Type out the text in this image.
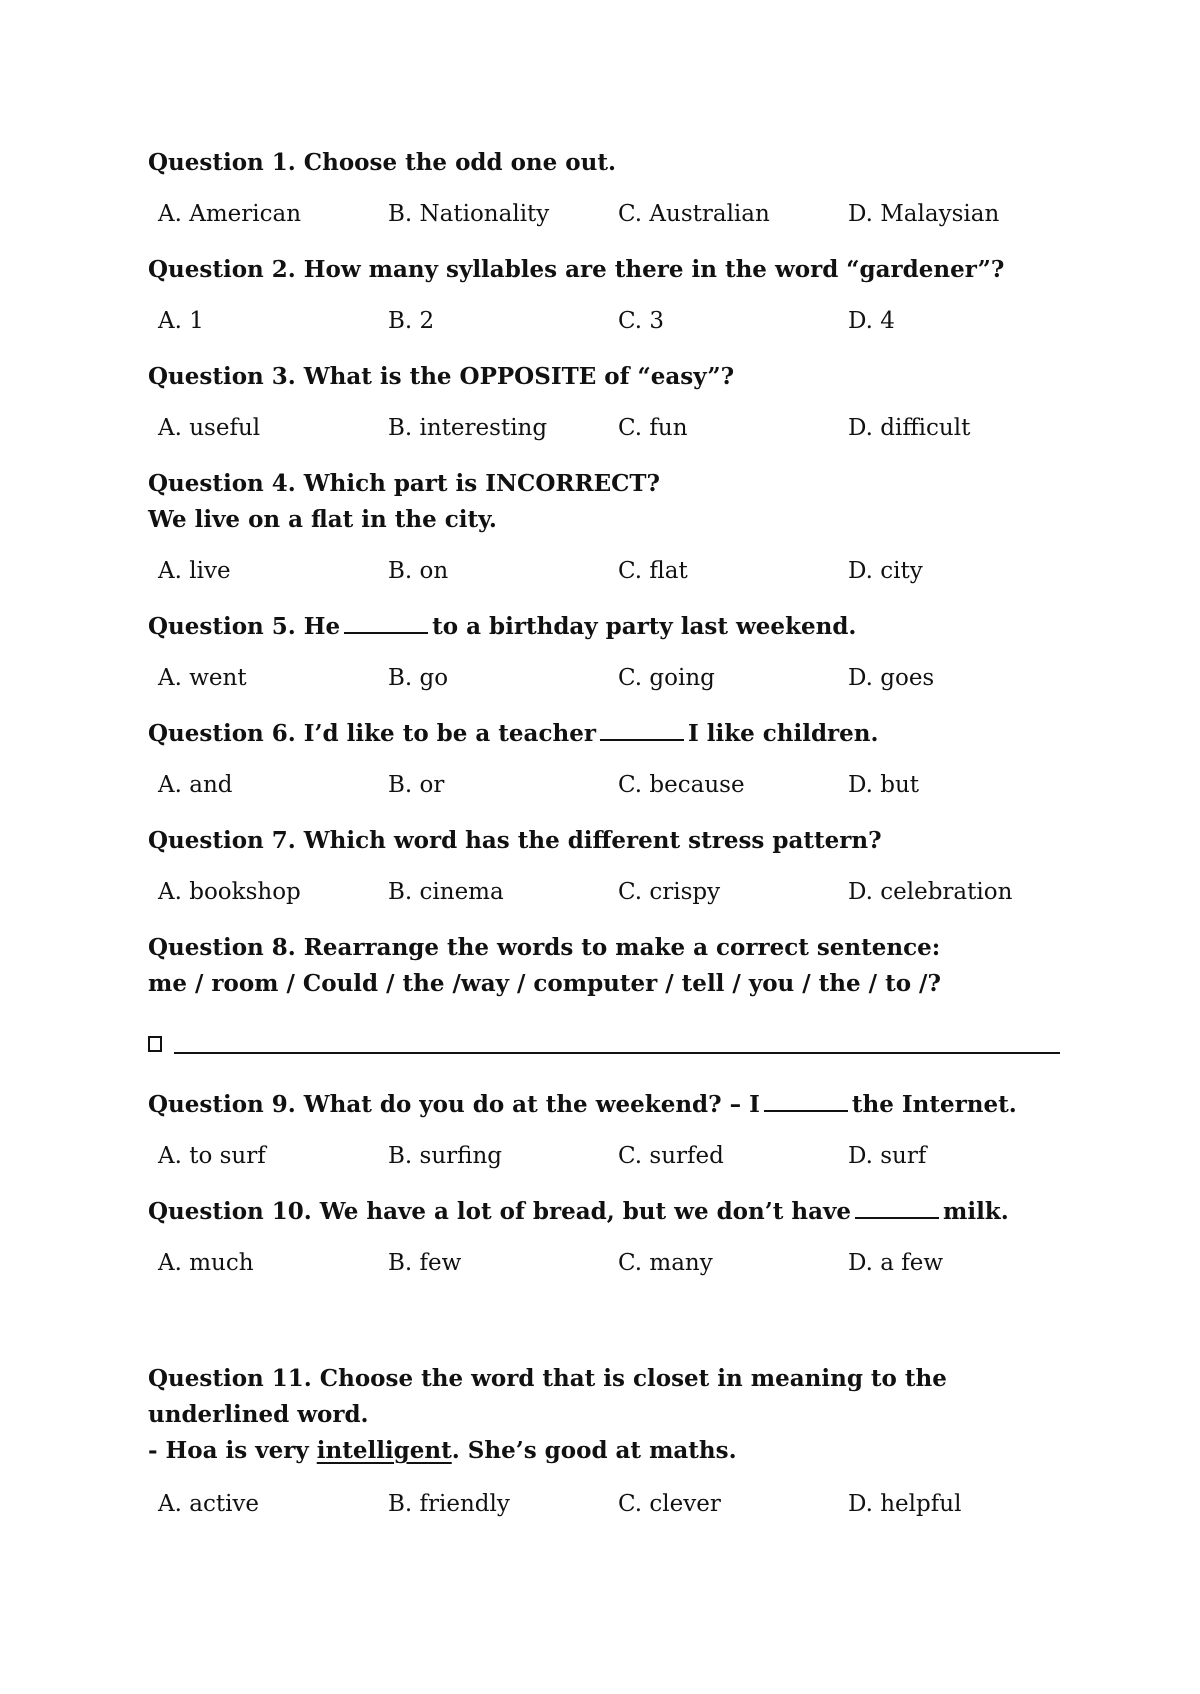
Question 1. Choose the odd one out.
A. American	B. Nationality	C. Australian	D. Malaysian
Question 2. How many syllables are there in the word “gardener”?
A. 1	B. 2	C. 3	D. 4
Question 3. What is the OPPOSITE of “easy”?
A. useful	B. interesting	C. fun	D. difficult
Question 4. Which part is INCORRECT?
We live on a flat in the city.
A. live	B. on	C. flat	D. city
Question 5. He	to a birthday party last weekend.
A. went	B. go	C. going	D. goes
Question 6. I’d like to be a teacher	I like children.
A. and	B. or	C. because	D. but
Question 7. Which word has the different stress pattern?
A. bookshop	B. cinema	C. crispy	D. celebration
Question 8. Rearrange the words to make a correct sentence:
me / room / Could / the /way / computer / tell / you / the / to /?
Question 9. What do you do at the weekend? – I	the Internet.
A. to surf	B. surfing	C. surfed	D. surf
Question 10. We have a lot of bread, but we don’t have	milk.
A. much	B. few	C. many	D. a few
Question 11. Choose the word that is closet in meaning to the underlined word.
- Hoa is very intelligent. She’s good at maths.
A. active	B. friendly	C. clever	D. helpful
